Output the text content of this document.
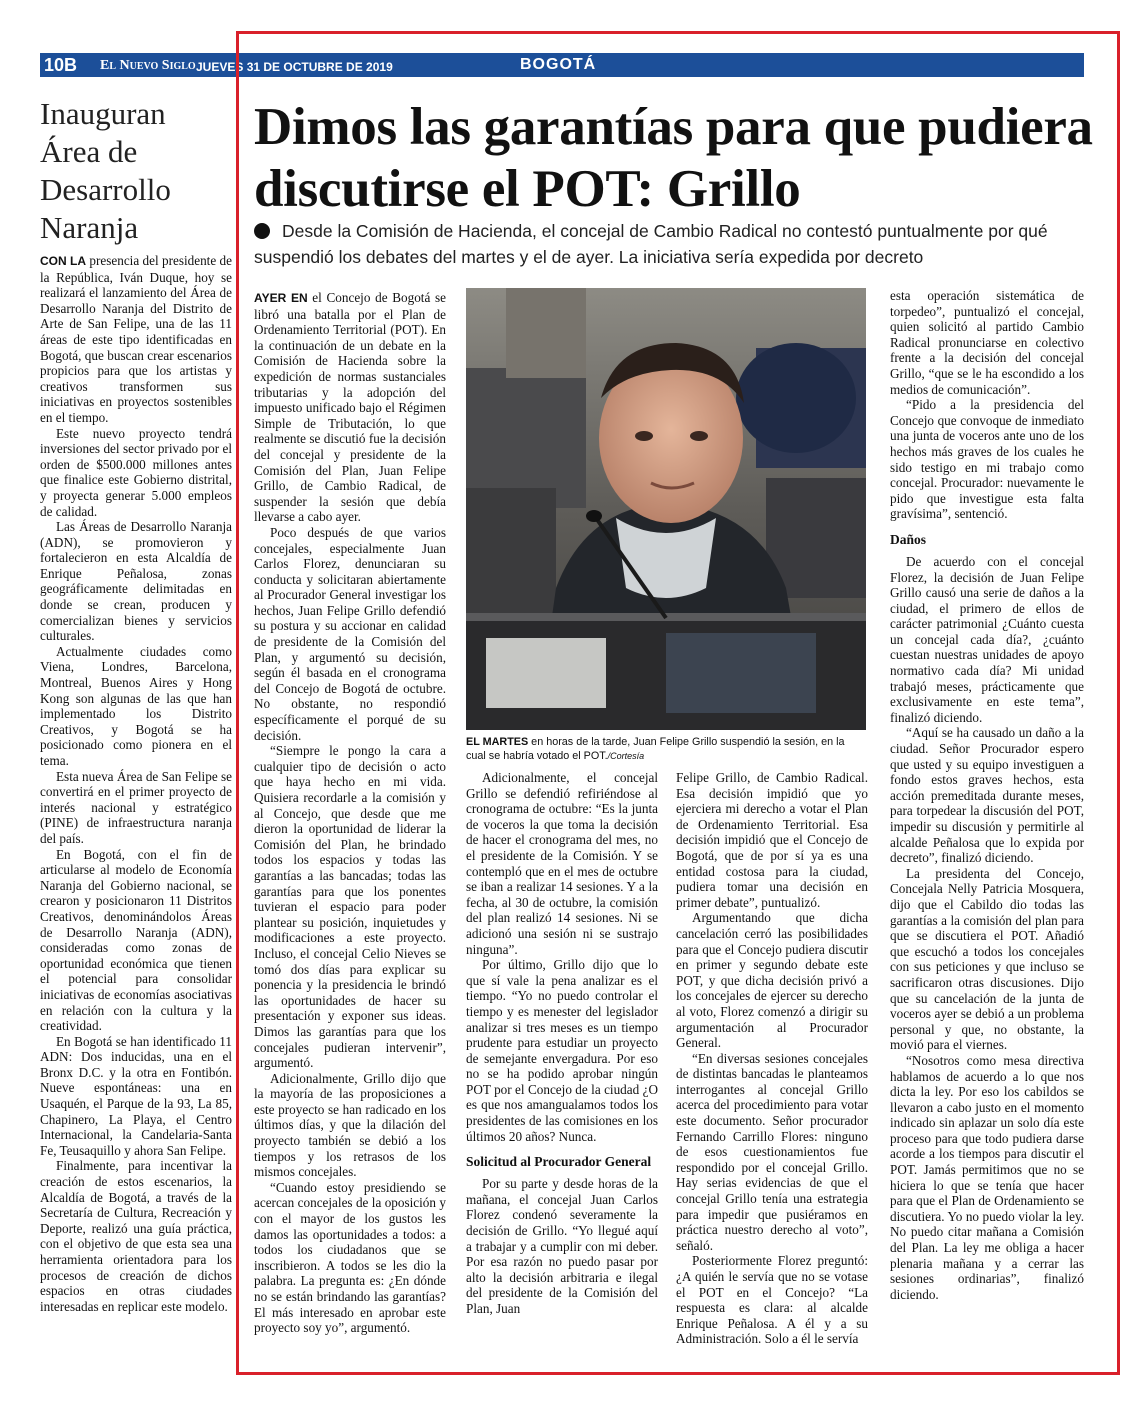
10B El Nuevo Siglo JUEVES 31 DE OCTUBRE DE 2019	BOGOTÁ
Inauguran Área de Desarrollo Naranja

CON LA presencia del presidente de la República, Iván Duque, hoy se realizará el lanzamiento del Área de Desarrollo Naranja del Distrito de Arte de San Felipe, una de las 11 áreas de este tipo identificadas en Bogotá, que buscan crear escenarios propicios para que los artistas y creativos transformen sus iniciativas en proyectos sostenibles en el tiempo.

Este nuevo proyecto tendrá inversiones del sector privado por el orden de $500.000 millones antes que finalice este Gobierno distrital, y proyecta generar 5.000 empleos de calidad.

Las Áreas de Desarrollo Naranja (ADN), se promovieron y fortalecieron en esta Alcaldía de Enrique Peñalosa, zonas geográficamente delimitadas en donde se crean, producen y comercializan bienes y servicios culturales.

Actualmente ciudades como Viena, Londres, Barcelona, Montreal, Buenos Aires y Hong Kong son algunas de las que han implementado los Distrito Creativos, y Bogotá se ha posicionado como pionera en el tema.

Esta nueva Área de San Felipe se convertirá en el primer proyecto de interés nacional y estratégico (PINE) de infraestructura naranja del país.

En Bogotá, con el fin de articularse al modelo de Economía Naranja del Gobierno nacional, se crearon y posicionaron 11 Distritos Creativos, denominándolos Áreas de Desarrollo Naranja (ADN), consideradas como zonas de oportunidad económica que tienen el potencial para consolidar iniciativas de economías asociativas en relación con la cultura y la creatividad.

En Bogotá se han identificado 11 ADN: Dos inducidas, una en el Bronx D.C. y la otra en Fontibón. Nueve espontáneas: una en Usaquén, el Parque de la 93, La 85, Chapinero, La Playa, el Centro Internacional, la Candelaria-Santa Fe, Teusaquillo y ahora San Felipe.

Finalmente, para incentivar la creación de estos escenarios, la Alcaldía de Bogotá, a través de la Secretaría de Cultura, Recreación y Deporte, realizó una guía práctica, con el objetivo de que esta sea una herramienta orientadora para los procesos de creación de dichos espacios en otras ciudades interesadas en replicar este modelo.

Dimos las garantías para que pudiera discutirse el POT: Grillo
Desde la Comisión de Hacienda, el concejal de Cambio Radical no contestó puntualmente por qué suspendió los debates del martes y el de ayer. La iniciativa sería expedida por decreto

AYER EN el Concejo de Bogotá se libró una batalla por el Plan de Ordenamiento Territorial (POT). En la continuación de un debate en la Comisión de Hacienda sobre la expedición de normas sustanciales tributarias y la adopción del impuesto unificado bajo el Régimen Simple de Tributación, lo que realmente se discutió fue la decisión del concejal y presidente de la Comisión del Plan, Juan Felipe Grillo, de Cambio Radical, de suspender la sesión que debía llevarse a cabo ayer.

Poco después de que varios concejales, especialmente Juan Carlos Florez, denunciaran su conducta y solicitaran abiertamente al Procurador General investigar los hechos, Juan Felipe Grillo defendió su postura y su accionar en calidad de presidente de la Comisión del Plan, y argumentó su decisión, según él basada en el cronograma del Concejo de Bogotá de octubre. No obstante, no respondió específicamente el porqué de su decisión.

“Siempre le pongo la cara a cualquier tipo de decisión o acto que haya hecho en mi vida. Quisiera recordarle a la comisión y al Concejo, que desde que me dieron la oportunidad de liderar la Comisión del Plan, he brindado todos los espacios y todas las garantías a las bancadas; todas las garantías para que los ponentes tuvieran el espacio para poder plantear su posición, inquietudes y modificaciones a este proyecto. Incluso, el concejal Celio Nieves se tomó dos días para explicar su ponencia y la presidencia le brindó las oportunidades de hacer su presentación y exponer sus ideas. Dimos las garantías para que los concejales pudieran intervenir”, argumentó.

Adicionalmente, Grillo dijo que la mayoría de las proposiciones a este proyecto se han radicado en los últimos días, y que la dilación del proyecto también se debió a los tiempos y los retrasos de los mismos concejales.

“Cuando estoy presidiendo se acercan concejales de la oposición y con el mayor de los gustos les damos las oportunidades a todos: a todos los ciudadanos que se inscribieron. A todos se les dio la palabra. La pregunta es: ¿En dónde no se están brindando las garantías? El más interesado en aprobar este proyecto soy yo”, argumentó.

EL MARTES en horas de la tarde, Juan Felipe Grillo suspendió la sesión, en la cual se habría votado el POT./Cortesía

Adicionalmente, el concejal Grillo se defendió refiriéndose al cronograma de octubre: “Es la junta de voceros la que toma la decisión de hacer el cronograma del mes, no el presidente de la Comisión. Y se contempló que en el mes de octubre se iban a realizar 14 sesiones. Y a la fecha, al 30 de octubre, la comisión del plan realizó 14 sesiones. Ni se adicionó una sesión ni se sustrajo ninguna”.

Por último, Grillo dijo que lo que sí vale la pena analizar es el tiempo. “Yo no puedo controlar el tiempo y es menester del legislador analizar si tres meses es un tiempo prudente para estudiar un proyecto de semejante envergadura. Por eso no se ha podido aprobar ningún POT por el Concejo de la ciudad ¿O es que nos amangualamos todos los presidentes de las comisiones en los últimos 20 años? Nunca.

Solicitud al Procurador General

Por su parte y desde horas de la mañana, el concejal Juan Carlos Florez condenó severamente la decisión de Grillo. “Yo llegué aquí a trabajar y a cumplir con mi deber. Por esa razón no puedo pasar por alto la decisión arbitraria e ilegal del presidente de la Comisión del Plan, Juan

Felipe Grillo, de Cambio Radical. Esa decisión impidió que yo ejerciera mi derecho a votar el Plan de Ordenamiento Territorial. Esa decisión impidió que el Concejo de Bogotá, que de por sí ya es una entidad costosa para la ciudad, pudiera tomar una decisión en primer debate”, puntualizó.

Argumentando que dicha cancelación cerró las posibilidades para que el Concejo pudiera discutir en primer y segundo debate este POT, y que dicha decisión privó a los concejales de ejercer su derecho al voto, Florez comenzó a dirigir su argumentación al Procurador General.

“En diversas sesiones concejales de distintas bancadas le planteamos interrogantes al concejal Grillo acerca del procedimiento para votar este documento. Señor procurador Fernando Carrillo Flores: ninguno de esos cuestionamientos fue respondido por el concejal Grillo. Hay serias evidencias de que el concejal Grillo tenía una estrategia para impedir que pusiéramos en práctica nuestro derecho al voto”, señaló.

Posteriormente Florez preguntó: ¿A quién le servía que no se votase el POT en el Concejo? “La respuesta es clara: al alcalde Enrique Peñalosa. A él y a su Administración. Solo a él le servía

esta operación sistemática de torpedeo”, puntualizó el concejal, quien solicitó al partido Cambio Radical pronunciarse en colectivo frente a la decisión del concejal Grillo, “que se le ha escondido a los medios de comunicación”.

“Pido a la presidencia del Concejo que convoque de inmediato una junta de voceros ante uno de los hechos más graves de los cuales he sido testigo en mi trabajo como concejal. Procurador: nuevamente le pido que investigue esta falta gravísima”, sentenció.

Daños

De acuerdo con el concejal Florez, la decisión de Juan Felipe Grillo causó una serie de daños a la ciudad, el primero de ellos de carácter patrimonial ¿Cuánto cuesta un concejal cada día?, ¿cuánto cuestan nuestras unidades de apoyo normativo cada día? Mi unidad trabajó meses, prácticamente que exclusivamente en este tema”, finalizó diciendo.

“Aquí se ha causado un daño a la ciudad. Señor Procurador espero que usted y su equipo investiguen a fondo estos graves hechos, esta acción premeditada durante meses, para torpedear la discusión del POT, impedir su discusión y permitirle al alcalde Peñalosa que lo expida por decreto”, finalizó diciendo.

La presidenta del Concejo, Concejala Nelly Patricia Mosquera, dijo que el Cabildo dio todas las garantías a la comisión del plan para que se discutiera el POT. Añadió que escuchó a todos los concejales con sus peticiones y que incluso se sacrificaron otras discusiones. Dijo que su cancelación de la junta de voceros ayer se debió a un problema personal y que, no obstante, la movió para el viernes.

“Nosotros como mesa directiva hablamos de acuerdo a lo que nos dicta la ley. Por eso los cabildos se llevaron a cabo justo en el momento indicado sin aplazar un solo día este proceso para que todo pudiera darse acorde a los tiempos para discutir el POT. Jamás permitimos que no se hiciera lo que se tenía que hacer para que el Plan de Ordenamiento se discutiera. Yo no puedo violar la ley. No puedo citar mañana a Comisión del Plan. La ley me obliga a hacer plenaria mañana y a cerrar las sesiones ordinarias”, finalizó diciendo.
